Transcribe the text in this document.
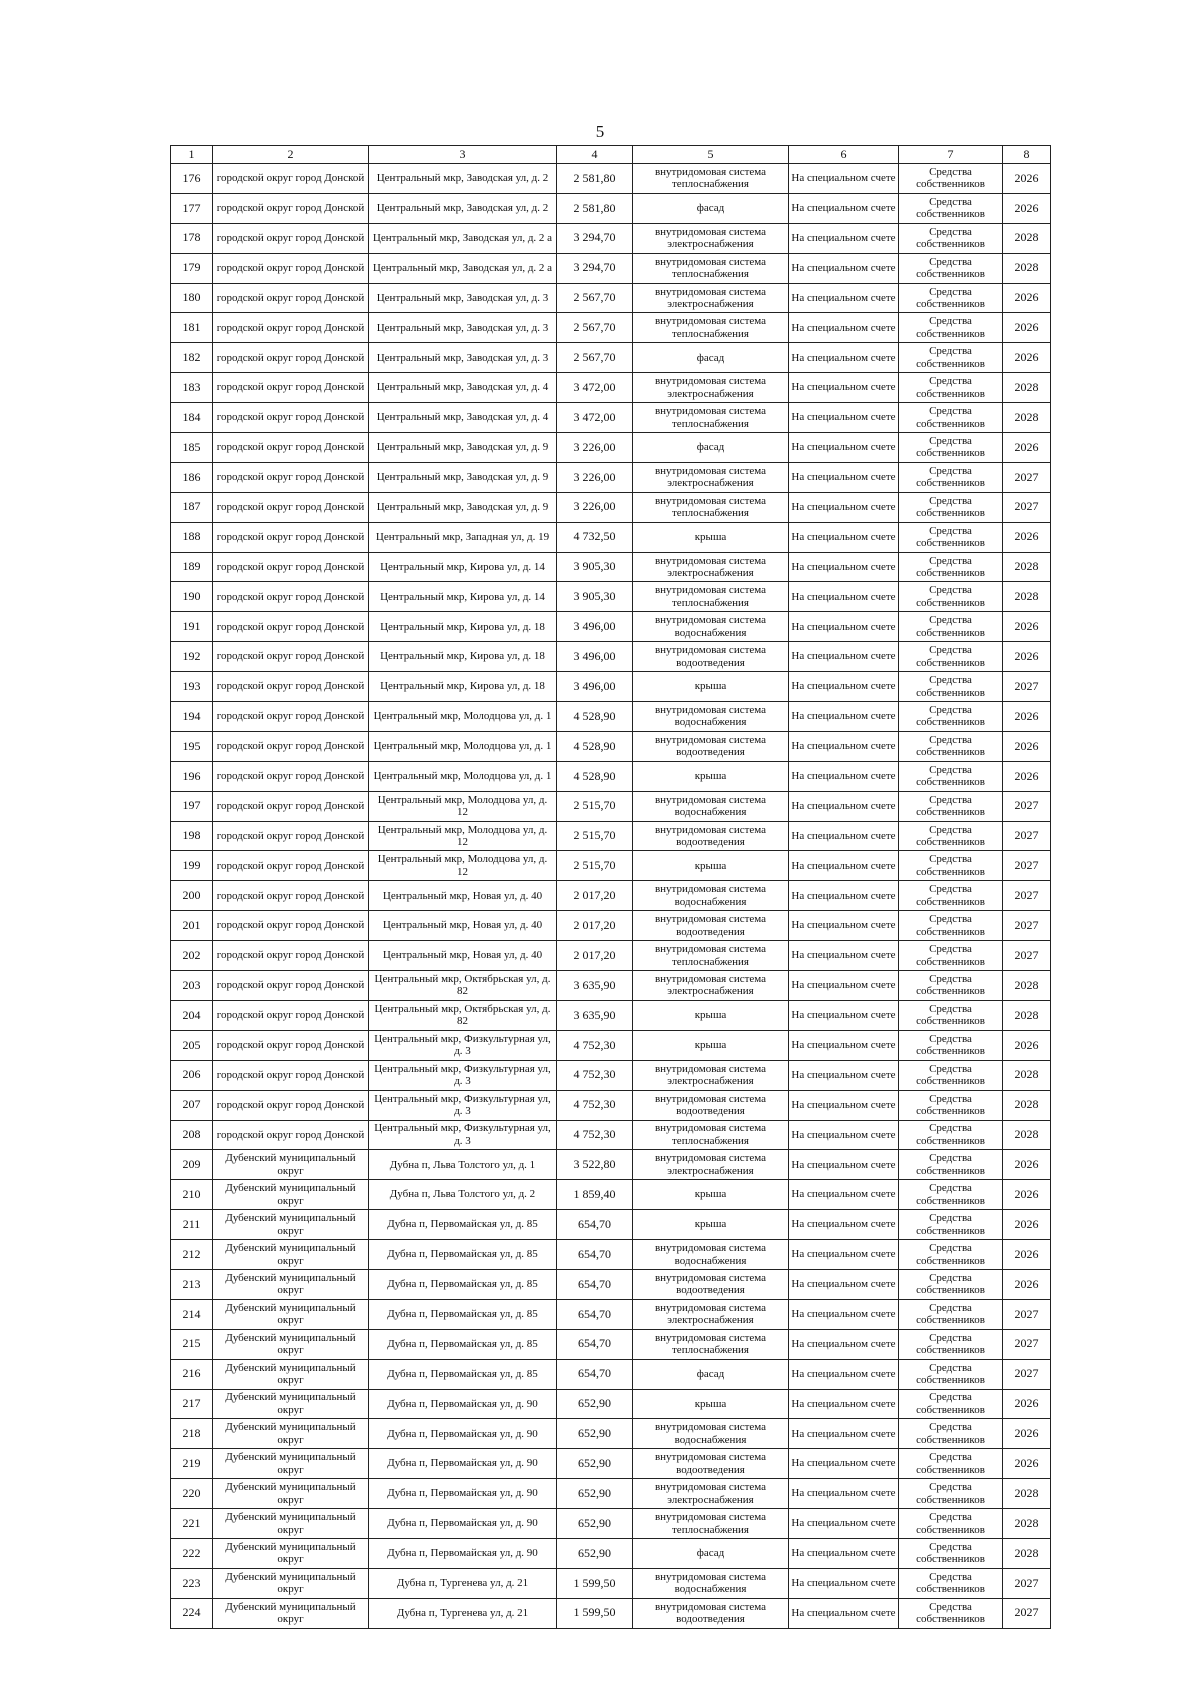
5
1	2	3	4	5	6	7	8
176	городской округ город Донской	Центральный мкр, Заводская ул, д. 2	2 581,80	внутридомовая система теплоснабжения	На специальном счете	Средства собственников	2026
177	городской округ город Донской	Центральный мкр, Заводская ул, д. 2	2 581,80	фасад	На специальном счете	Средства собственников	2026
178	городской округ город Донской	Центральный мкр, Заводская ул, д. 2 а	3 294,70	внутридомовая система электроснабжения	На специальном счете	Средства собственников	2028
179	городской округ город Донской	Центральный мкр, Заводская ул, д. 2 а	3 294,70	внутридомовая система теплоснабжения	На специальном счете	Средства собственников	2028
180	городской округ город Донской	Центральный мкр, Заводская ул, д. 3	2 567,70	внутридомовая система электроснабжения	На специальном счете	Средства собственников	2026
181	городской округ город Донской	Центральный мкр, Заводская ул, д. 3	2 567,70	внутридомовая система теплоснабжения	На специальном счете	Средства собственников	2026
182	городской округ город Донской	Центральный мкр, Заводская ул, д. 3	2 567,70	фасад	На специальном счете	Средства собственников	2026
183	городской округ город Донской	Центральный мкр, Заводская ул, д. 4	3 472,00	внутридомовая система электроснабжения	На специальном счете	Средства собственников	2028
184	городской округ город Донской	Центральный мкр, Заводская ул, д. 4	3 472,00	внутридомовая система теплоснабжения	На специальном счете	Средства собственников	2028
185	городской округ город Донской	Центральный мкр, Заводская ул, д. 9	3 226,00	фасад	На специальном счете	Средства собственников	2026
186	городской округ город Донской	Центральный мкр, Заводская ул, д. 9	3 226,00	внутридомовая система электроснабжения	На специальном счете	Средства собственников	2027
187	городской округ город Донской	Центральный мкр, Заводская ул, д. 9	3 226,00	внутридомовая система теплоснабжения	На специальном счете	Средства собственников	2027
188	городской округ город Донской	Центральный мкр, Западная ул, д. 19	4 732,50	крыша	На специальном счете	Средства собственников	2026
189	городской округ город Донской	Центральный мкр, Кирова ул, д. 14	3 905,30	внутридомовая система электроснабжения	На специальном счете	Средства собственников	2028
190	городской округ город Донской	Центральный мкр, Кирова ул, д. 14	3 905,30	внутридомовая система теплоснабжения	На специальном счете	Средства собственников	2028
191	городской округ город Донской	Центральный мкр, Кирова ул, д. 18	3 496,00	внутридомовая система водоснабжения	На специальном счете	Средства собственников	2026
192	городской округ город Донской	Центральный мкр, Кирова ул, д. 18	3 496,00	внутридомовая система водоотведения	На специальном счете	Средства собственников	2026
193	городской округ город Донской	Центральный мкр, Кирова ул, д. 18	3 496,00	крыша	На специальном счете	Средства собственников	2027
194	городской округ город Донской	Центральный мкр, Молодцова ул, д. 1	4 528,90	внутридомовая система водоснабжения	На специальном счете	Средства собственников	2026
195	городской округ город Донской	Центральный мкр, Молодцова ул, д. 1	4 528,90	внутридомовая система водоотведения	На специальном счете	Средства собственников	2026
196	городской округ город Донской	Центральный мкр, Молодцова ул, д. 1	4 528,90	крыша	На специальном счете	Средства собственников	2026
197	городской округ город Донской	Центральный мкр, Молодцова ул, д. 12	2 515,70	внутридомовая система водоснабжения	На специальном счете	Средства собственников	2027
198	городской округ город Донской	Центральный мкр, Молодцова ул, д. 12	2 515,70	внутридомовая система водоотведения	На специальном счете	Средства собственников	2027
199	городской округ город Донской	Центральный мкр, Молодцова ул, д. 12	2 515,70	крыша	На специальном счете	Средства собственников	2027
200	городской округ город Донской	Центральный мкр, Новая ул, д. 40	2 017,20	внутридомовая система водоснабжения	На специальном счете	Средства собственников	2027
201	городской округ город Донской	Центральный мкр, Новая ул, д. 40	2 017,20	внутридомовая система водоотведения	На специальном счете	Средства собственников	2027
202	городской округ город Донской	Центральный мкр, Новая ул, д. 40	2 017,20	внутридомовая система теплоснабжения	На специальном счете	Средства собственников	2027
203	городской округ город Донской	Центральный мкр, Октябрьская ул, д. 82	3 635,90	внутридомовая система электроснабжения	На специальном счете	Средства собственников	2028
204	городской округ город Донской	Центральный мкр, Октябрьская ул, д. 82	3 635,90	крыша	На специальном счете	Средства собственников	2028
205	городской округ город Донской	Центральный мкр, Физкультурная ул, д. 3	4 752,30	крыша	На специальном счете	Средства собственников	2026
206	городской округ город Донской	Центральный мкр, Физкультурная ул, д. 3	4 752,30	внутридомовая система электроснабжения	На специальном счете	Средства собственников	2028
207	городской округ город Донской	Центральный мкр, Физкультурная ул, д. 3	4 752,30	внутридомовая система водоотведения	На специальном счете	Средства собственников	2028
208	городской округ город Донской	Центральный мкр, Физкультурная ул, д. 3	4 752,30	внутридомовая система теплоснабжения	На специальном счете	Средства собственников	2028
209	Дубенский муниципальный округ	Дубна п, Льва Толстого ул, д. 1	3 522,80	внутридомовая система электроснабжения	На специальном счете	Средства собственников	2026
210	Дубенский муниципальный округ	Дубна п, Льва Толстого ул, д. 2	1 859,40	крыша	На специальном счете	Средства собственников	2026
211	Дубенский муниципальный округ	Дубна п, Первомайская ул, д. 85	654,70	крыша	На специальном счете	Средства собственников	2026
212	Дубенский муниципальный округ	Дубна п, Первомайская ул, д. 85	654,70	внутридомовая система водоснабжения	На специальном счете	Средства собственников	2026
213	Дубенский муниципальный округ	Дубна п, Первомайская ул, д. 85	654,70	внутридомовая система водоотведения	На специальном счете	Средства собственников	2026
214	Дубенский муниципальный округ	Дубна п, Первомайская ул, д. 85	654,70	внутридомовая система электроснабжения	На специальном счете	Средства собственников	2027
215	Дубенский муниципальный округ	Дубна п, Первомайская ул, д. 85	654,70	внутридомовая система теплоснабжения	На специальном счете	Средства собственников	2027
216	Дубенский муниципальный округ	Дубна п, Первомайская ул, д. 85	654,70	фасад	На специальном счете	Средства собственников	2027
217	Дубенский муниципальный округ	Дубна п, Первомайская ул, д. 90	652,90	крыша	На специальном счете	Средства собственников	2026
218	Дубенский муниципальный округ	Дубна п, Первомайская ул, д. 90	652,90	внутридомовая система водоснабжения	На специальном счете	Средства собственников	2026
219	Дубенский муниципальный округ	Дубна п, Первомайская ул, д. 90	652,90	внутридомовая система водоотведения	На специальном счете	Средства собственников	2026
220	Дубенский муниципальный округ	Дубна п, Первомайская ул, д. 90	652,90	внутридомовая система электроснабжения	На специальном счете	Средства собственников	2028
221	Дубенский муниципальный округ	Дубна п, Первомайская ул, д. 90	652,90	внутридомовая система теплоснабжения	На специальном счете	Средства собственников	2028
222	Дубенский муниципальный округ	Дубна п, Первомайская ул, д. 90	652,90	фасад	На специальном счете	Средства собственников	2028
223	Дубенский муниципальный округ	Дубна п, Тургенева ул, д. 21	1 599,50	внутридомовая система водоснабжения	На специальном счете	Средства собственников	2027
224	Дубенский муниципальный округ	Дубна п, Тургенева ул, д. 21	1 599,50	внутридомовая система водоотведения	На специальном счете	Средства собственников	2027
